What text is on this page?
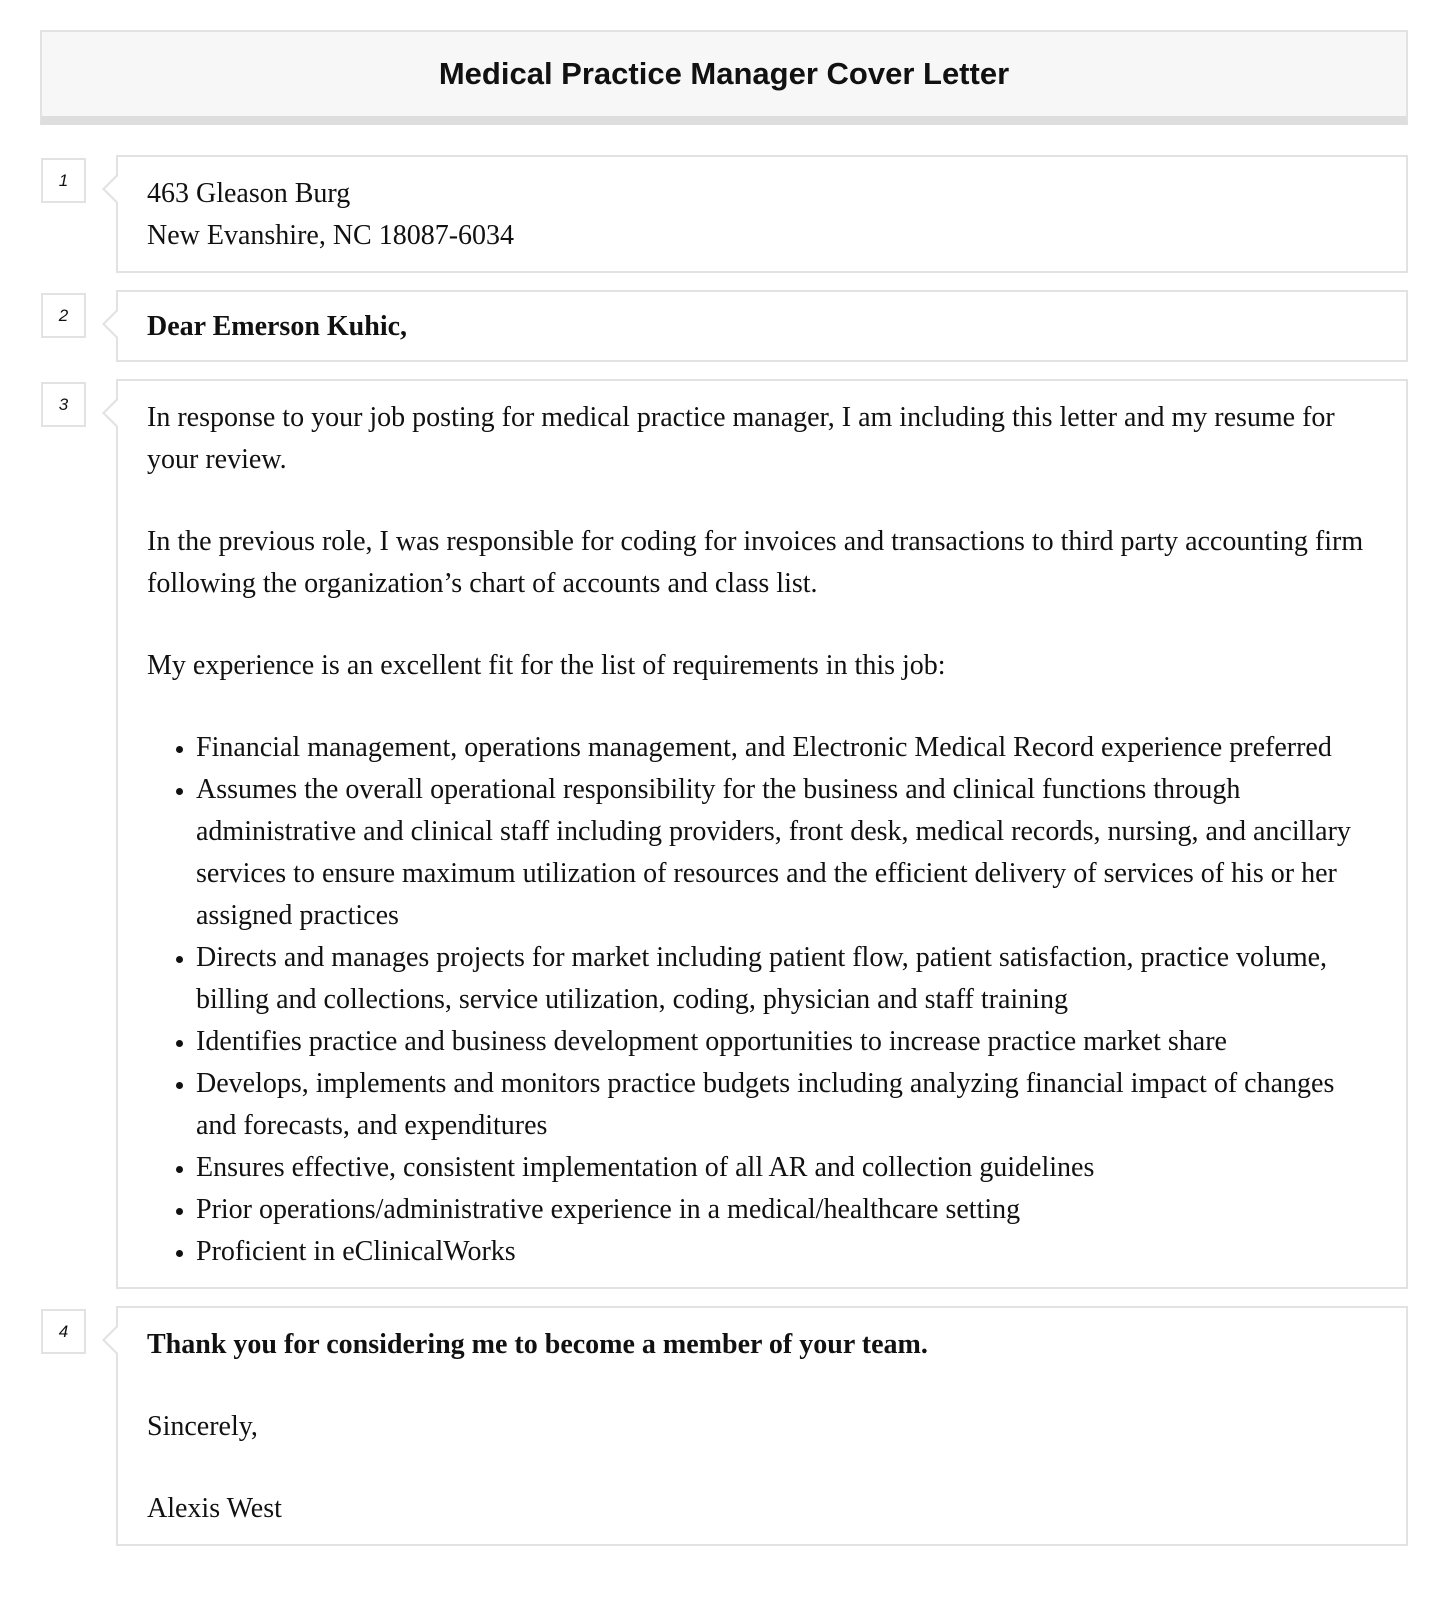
Medical Practice Manager Cover Letter
1	463 Gleason Burg
New Evanshire, NC 18087-6034
2	Dear Emerson Kuhic,
3	In response to your job posting for medical practice manager, I am including this letter and my resume for your review.

In the previous role, I was responsible for coding for invoices and transactions to third party accounting firm following the organization’s chart of accounts and class list.

My experience is an excellent fit for the list of requirements in this job:

• Financial management, operations management, and Electronic Medical Record experience preferred
• Assumes the overall operational responsibility for the business and clinical functions through administrative and clinical staff including providers, front desk, medical records, nursing, and ancillary services to ensure maximum utilization of resources and the efficient delivery of services of his or her assigned practices
• Directs and manages projects for market including patient flow, patient satisfaction, practice volume, billing and collections, service utilization, coding, physician and staff training
• Identifies practice and business development opportunities to increase practice market share
• Develops, implements and monitors practice budgets including analyzing financial impact of changes and forecasts, and expenditures
• Ensures effective, consistent implementation of all AR and collection guidelines
• Prior operations/administrative experience in a medical/healthcare setting
• Proficient in eClinicalWorks
4	Thank you for considering me to become a member of your team.

Sincerely,

Alexis West
